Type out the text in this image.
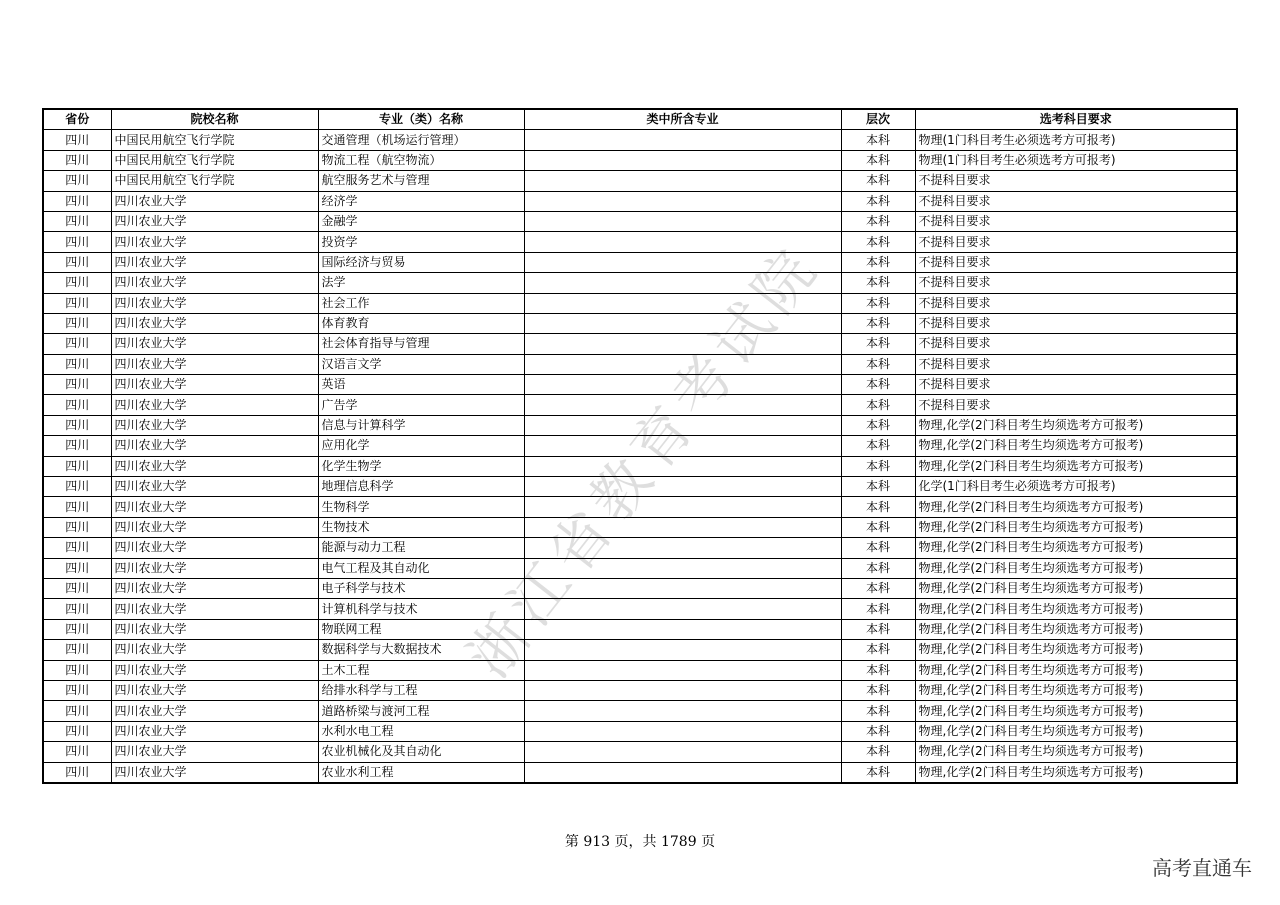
省份	院校名称	专业（类）名称	类中所含专业	层次	选考科目要求
四川	中国民用航空飞行学院	交通管理（机场运行管理）		本科	物理(1门科目考生必须选考方可报考)
四川	中国民用航空飞行学院	物流工程（航空物流）		本科	物理(1门科目考生必须选考方可报考)
四川	中国民用航空飞行学院	航空服务艺术与管理		本科	不提科目要求
四川	四川农业大学	经济学		本科	不提科目要求
四川	四川农业大学	金融学		本科	不提科目要求
四川	四川农业大学	投资学		本科	不提科目要求
四川	四川农业大学	国际经济与贸易		本科	不提科目要求
四川	四川农业大学	法学		本科	不提科目要求
四川	四川农业大学	社会工作		本科	不提科目要求
四川	四川农业大学	体育教育		本科	不提科目要求
四川	四川农业大学	社会体育指导与管理		本科	不提科目要求
四川	四川农业大学	汉语言文学		本科	不提科目要求
四川	四川农业大学	英语		本科	不提科目要求
四川	四川农业大学	广告学		本科	不提科目要求
四川	四川农业大学	信息与计算科学		本科	物理,化学(2门科目考生均须选考方可报考)
四川	四川农业大学	应用化学		本科	物理,化学(2门科目考生均须选考方可报考)
四川	四川农业大学	化学生物学		本科	物理,化学(2门科目考生均须选考方可报考)
四川	四川农业大学	地理信息科学		本科	化学(1门科目考生必须选考方可报考)
四川	四川农业大学	生物科学		本科	物理,化学(2门科目考生均须选考方可报考)
四川	四川农业大学	生物技术		本科	物理,化学(2门科目考生均须选考方可报考)
四川	四川农业大学	能源与动力工程		本科	物理,化学(2门科目考生均须选考方可报考)
四川	四川农业大学	电气工程及其自动化		本科	物理,化学(2门科目考生均须选考方可报考)
四川	四川农业大学	电子科学与技术		本科	物理,化学(2门科目考生均须选考方可报考)
四川	四川农业大学	计算机科学与技术		本科	物理,化学(2门科目考生均须选考方可报考)
四川	四川农业大学	物联网工程		本科	物理,化学(2门科目考生均须选考方可报考)
四川	四川农业大学	数据科学与大数据技术		本科	物理,化学(2门科目考生均须选考方可报考)
四川	四川农业大学	土木工程		本科	物理,化学(2门科目考生均须选考方可报考)
四川	四川农业大学	给排水科学与工程		本科	物理,化学(2门科目考生均须选考方可报考)
四川	四川农业大学	道路桥梁与渡河工程		本科	物理,化学(2门科目考生均须选考方可报考)
四川	四川农业大学	水利水电工程		本科	物理,化学(2门科目考生均须选考方可报考)
四川	四川农业大学	农业机械化及其自动化		本科	物理,化学(2门科目考生均须选考方可报考)
四川	四川农业大学	农业水利工程		本科	物理,化学(2门科目考生均须选考方可报考)
浙江省教育考试院
第 913 页，共 1789 页
高考直通车
